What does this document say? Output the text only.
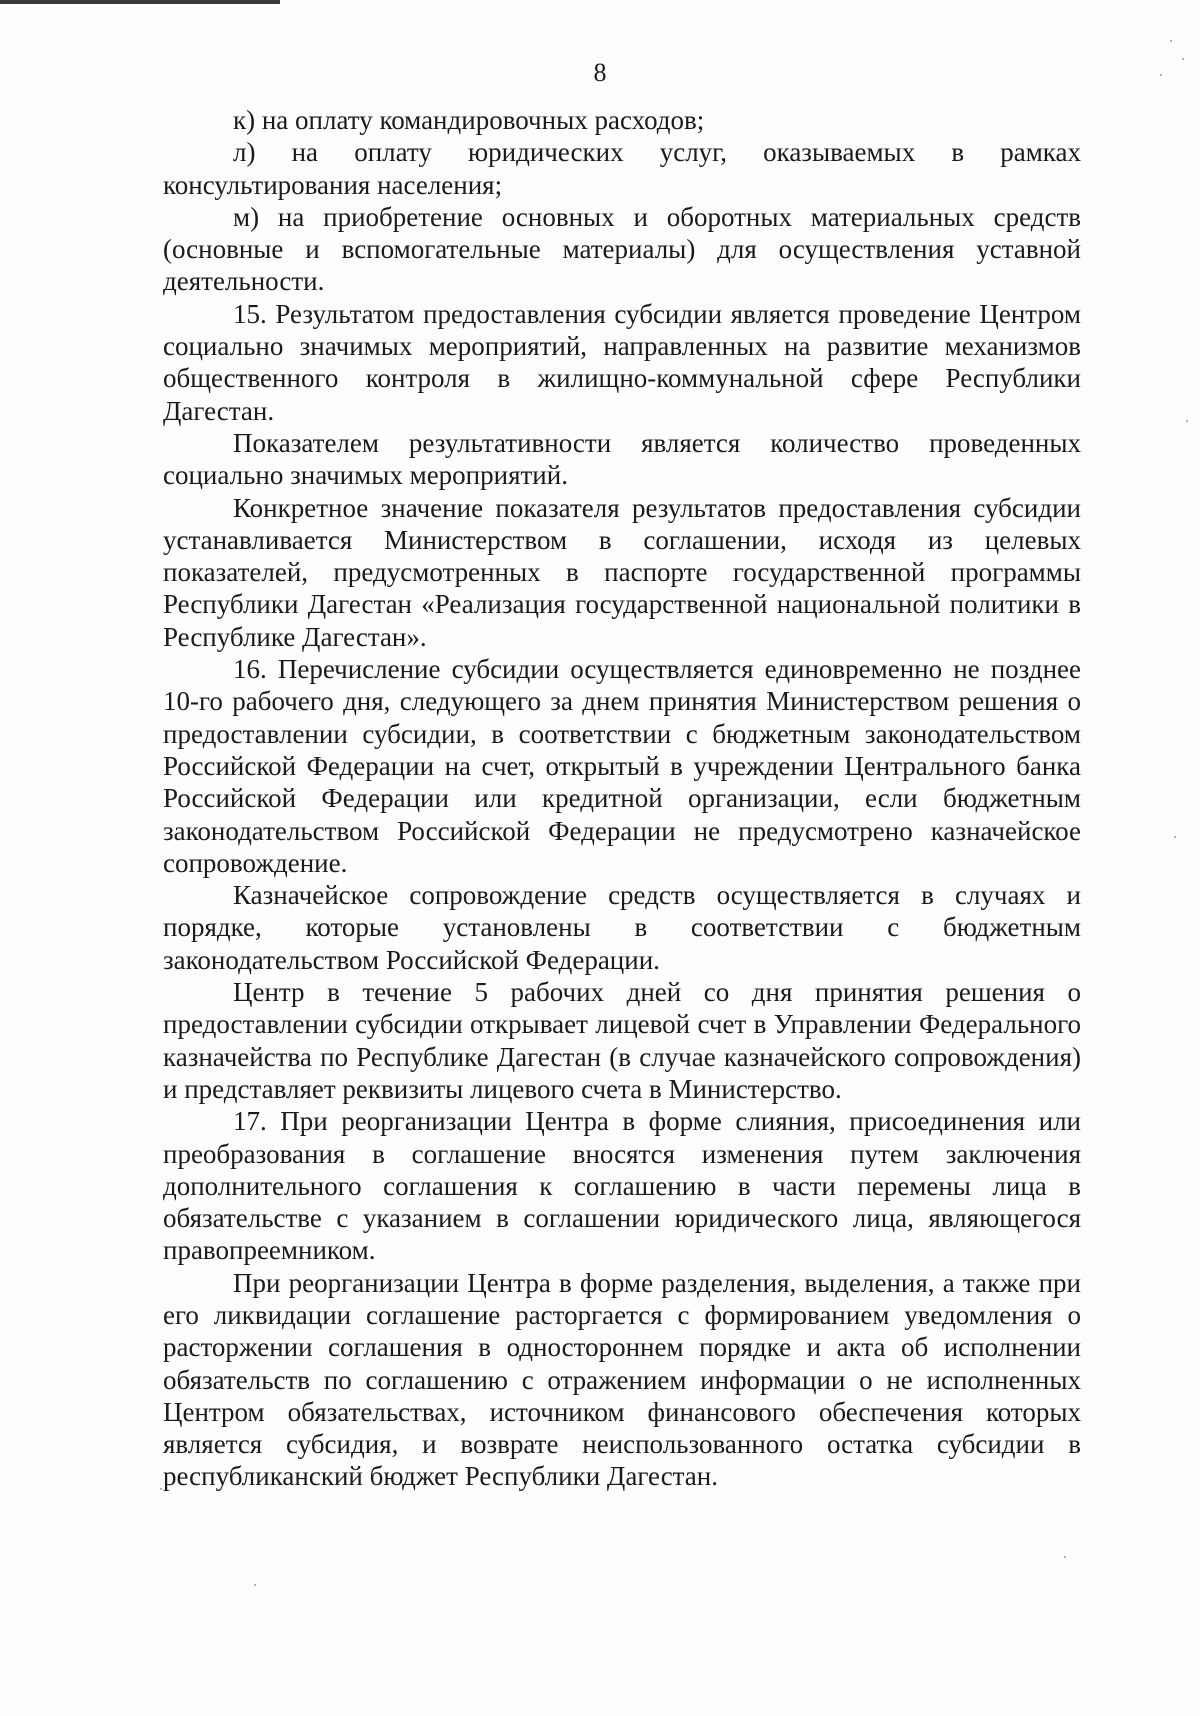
8

к) на оплату командировочных расходов;

л) на оплату юридических услуг, оказываемых в рамках консультирования населения;

м) на приобретение основных и оборотных материальных средств (основные и вспомогательные материалы) для осуществления уставной деятельности.

15. Результатом предоставления субсидии является проведение Центром социально значимых мероприятий, направленных на развитие механизмов общественного контроля в жилищно-коммунальной сфере Республики Дагестан.

Показателем результативности является количество проведенных социально значимых мероприятий.

Конкретное значение показателя результатов предоставления субсидии устанавливается Министерством в соглашении, исходя из целевых показателей, предусмотренных в паспорте государственной программы Республики Дагестан «Реализация государственной национальной политики в Республике Дагестан».

16. Перечисление субсидии осуществляется единовременно не позднее 10-го рабочего дня, следующего за днем принятия Министерством решения о предоставлении субсидии, в соответствии с бюджетным законодательством Российской Федерации на счет, открытый в учреждении Центрального банка Российской Федерации или кредитной организации, если бюджетным законодательством Российской Федерации не предусмотрено казначейское сопровождение.

Казначейское сопровождение средств осуществляется в случаях и порядке, которые установлены в соответствии с бюджетным законодательством Российской Федерации.

Центр в течение 5 рабочих дней со дня принятия решения о предоставлении субсидии открывает лицевой счет в Управлении Федерального казначейства по Республике Дагестан (в случае казначейского сопровождения) и представляет реквизиты лицевого счета в Министерство.

17. При реорганизации Центра в форме слияния, присоединения или преобразования в соглашение вносятся изменения путем заключения дополнительного соглашения к соглашению в части перемены лица в обязательстве с указанием в соглашении юридического лица, являющегося правопреемником.

При реорганизации Центра в форме разделения, выделения, а также при его ликвидации соглашение расторгается с формированием уведомления о расторжении соглашения в одностороннем порядке и акта об исполнении обязательств по соглашению с отражением информации о не исполненных Центром обязательствах, источником финансового обеспечения которых является субсидия, и возврате неиспользованного остатка субсидии в республиканский бюджет Республики Дагестан.
